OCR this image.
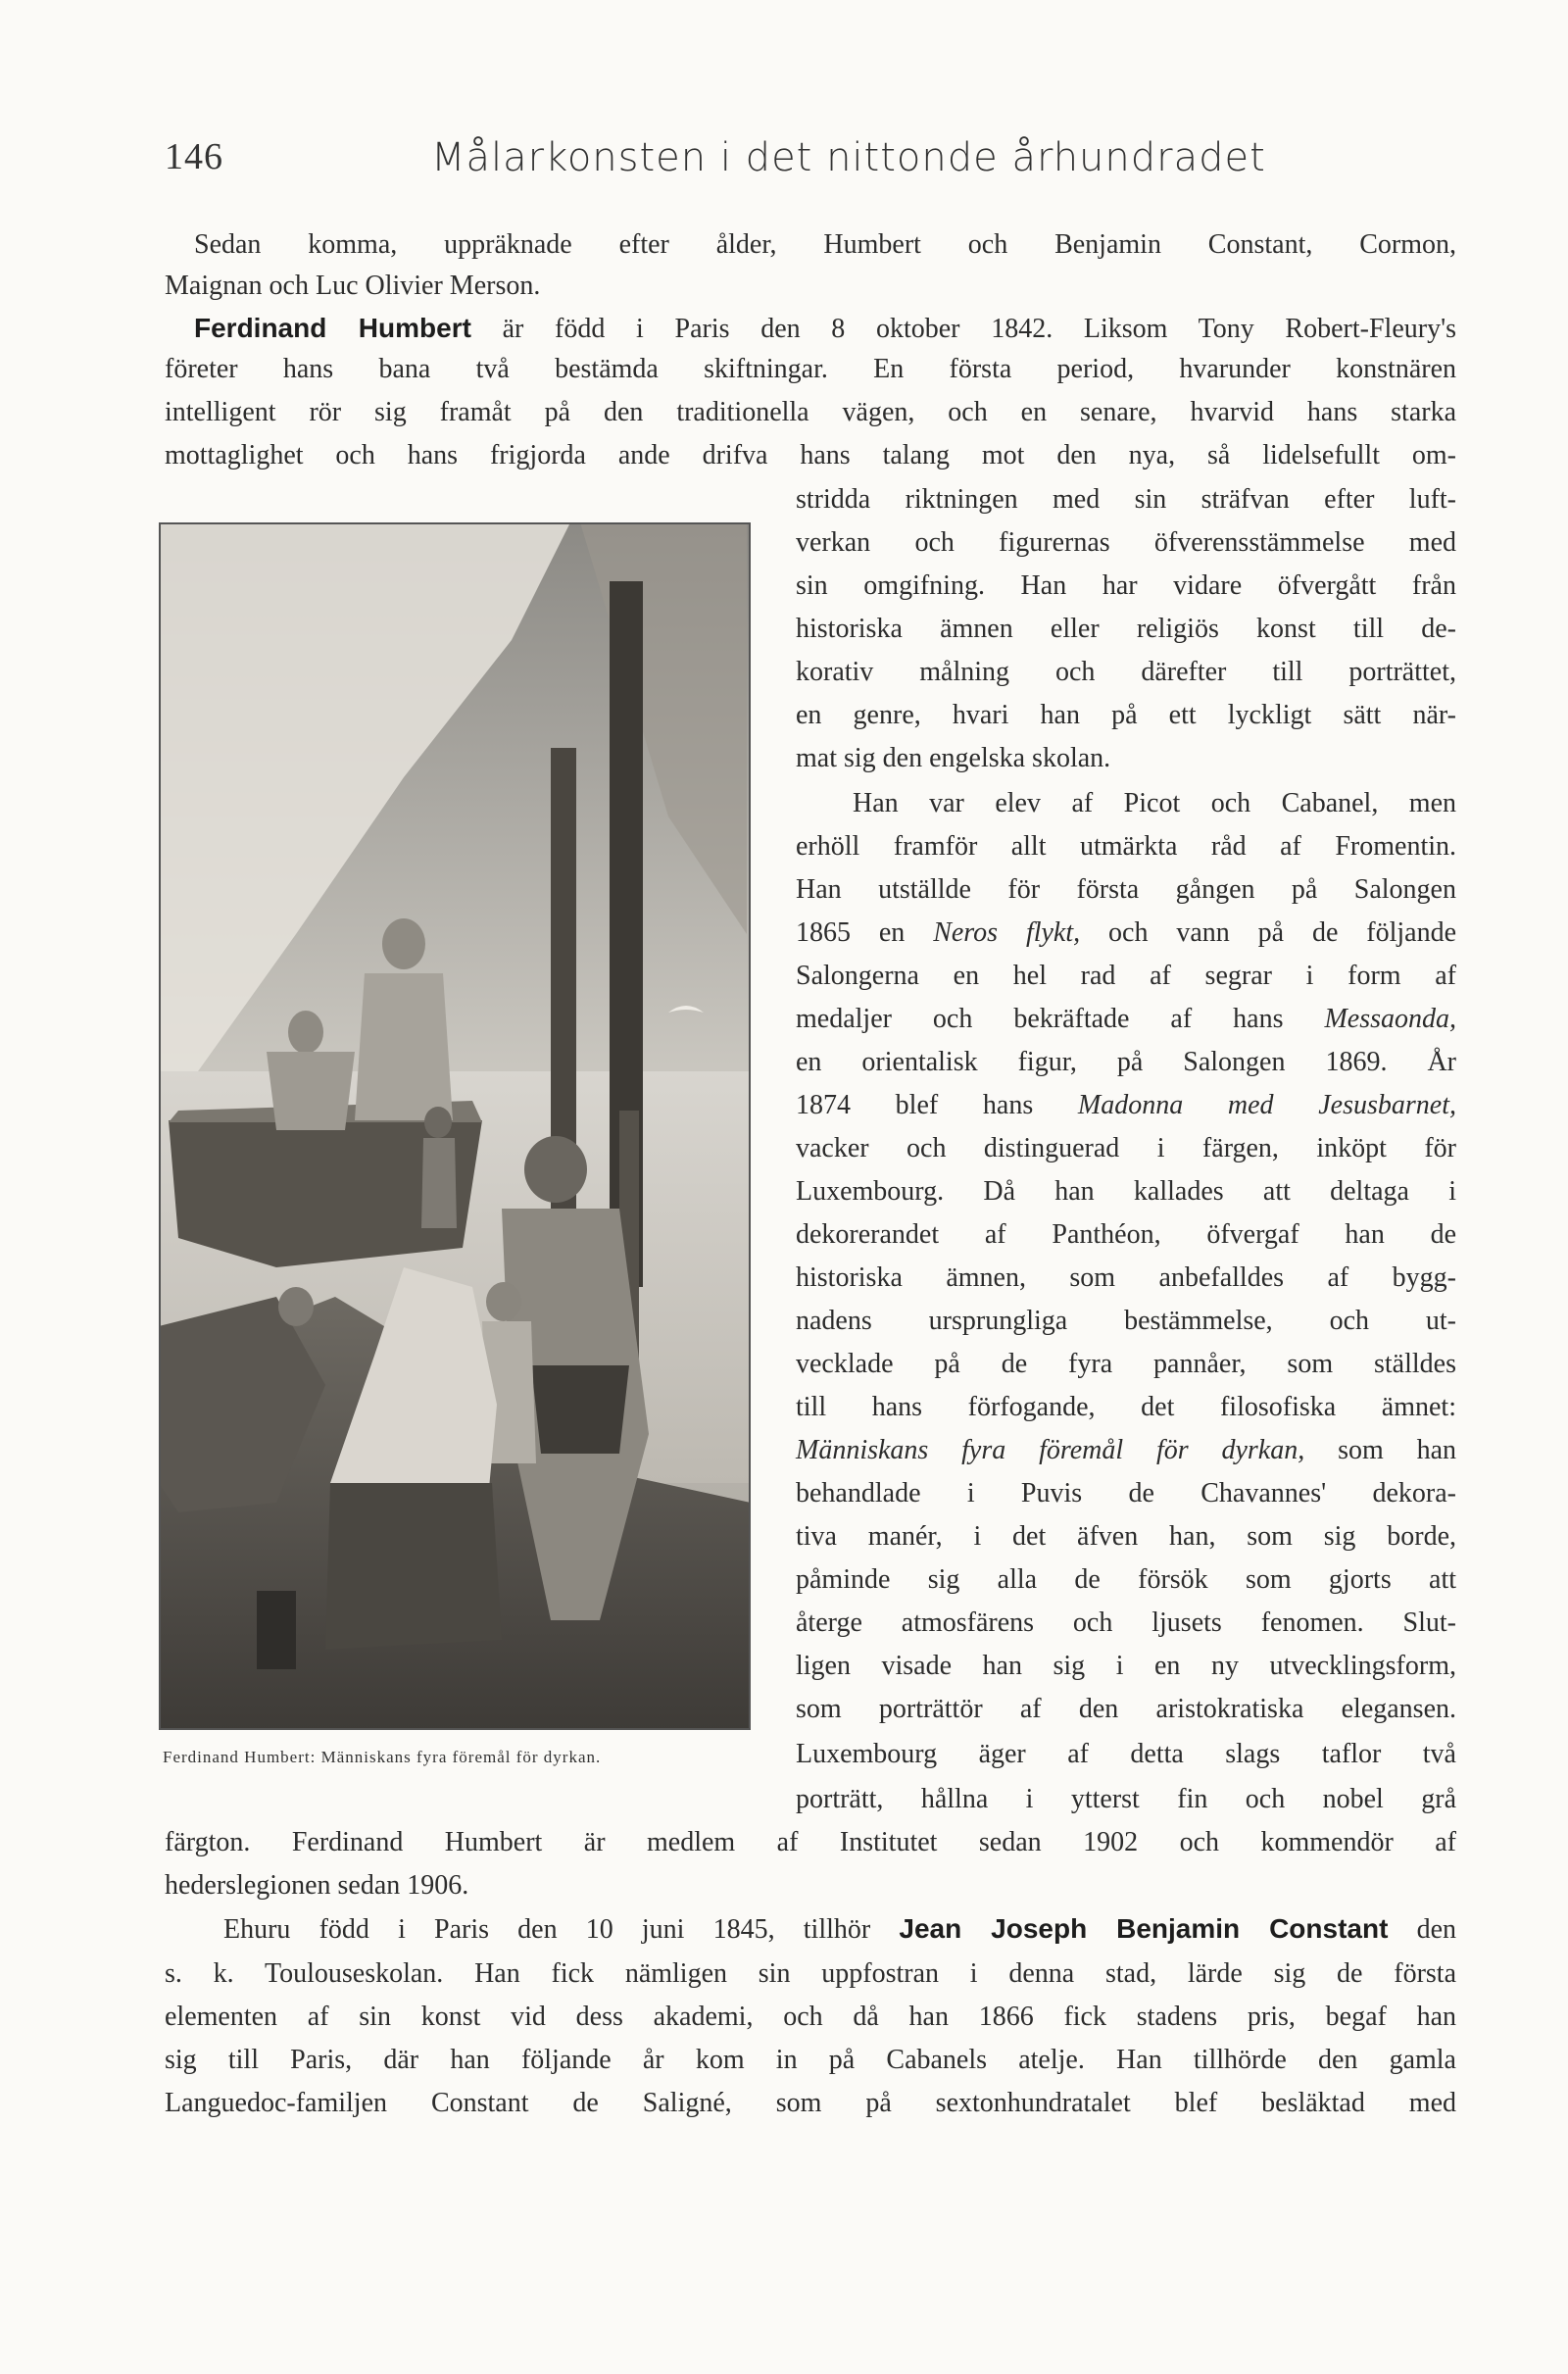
146	Målarkonsten i det nittonde århundradet
Sedan komma, uppräknade efter ålder, Humbert och Benjamin Constant, Cormon,
Maignan och Luc Olivier Merson.
Ferdinand Humbert är född i Paris den 8 oktober 1842. Liksom Tony Robert-Fleury's
företer hans bana två bestämda skiftningar. En första period, hvarunder konstnären
intelligent rör sig framåt på den traditionella vägen, och en senare, hvarvid hans starka
mottaglighet och hans frigjorda ande drifva hans talang mot den nya, så lidelsefullt om-
stridda riktningen med sin sträfvan efter luft-
verkan och figurernas öfverensstämmelse med
sin omgifning. Han har vidare öfvergått från
historiska ämnen eller religiös konst till de-
korativ målning och därefter till porträttet,
en genre, hvari han på ett lyckligt sätt när-
mat sig den engelska skolan.
Han var elev af Picot och Cabanel, men
erhöll framför allt utmärkta råd af Fromentin.
Han utställde för första gången på Salongen
1865 en Neros flykt, och vann på de följande
Salongerna en hel rad af segrar i form af
medaljer och bekräftade af hans Messaonda,
en orientalisk figur, på Salongen 1869. År
1874 blef hans Madonna med Jesusbarnet,
vacker och distinguerad i färgen, inköpt för
Luxembourg. Då han kallades att deltaga i
dekorerandet af Panthéon, öfvergaf han de
historiska ämnen, som anbefalldes af bygg-
nadens ursprungliga bestämmelse, och ut-
vecklade på de fyra pannåer, som ställdes
till hans förfogande, det filosofiska ämnet:
Människans fyra föremål för dyrkan, som han
behandlade i Puvis de Chavannes' dekora-
tiva manér, i det äfven han, som sig borde,
påminde sig alla de försök som gjorts att
återge atmosfärens och ljusets fenomen. Slut-
ligen visade han sig i en ny utvecklingsform,
som porträttör af den aristokratiska elegansen.
Luxembourg äger af detta slags taflor två
porträtt, hållna i ytterst fin och nobel grå
färgton. Ferdinand Humbert är medlem af Institutet sedan 1902 och kommendör af
hederslegionen sedan 1906.
Ehuru född i Paris den 10 juni 1845, tillhör Jean Joseph Benjamin Constant den
s. k. Toulouseskolan. Han fick nämligen sin uppfostran i denna stad, lärde sig de första
elementen af sin konst vid dess akademi, och då han 1866 fick stadens pris, begaf han
sig till Paris, där han följande år kom in på Cabanels atelje. Han tillhörde den gamla
Languedoc-familjen Constant de Saligné, som på sextonhundratalet blef besläktad med
Ferdinand Humbert: Människans fyra föremål för dyrkan.
